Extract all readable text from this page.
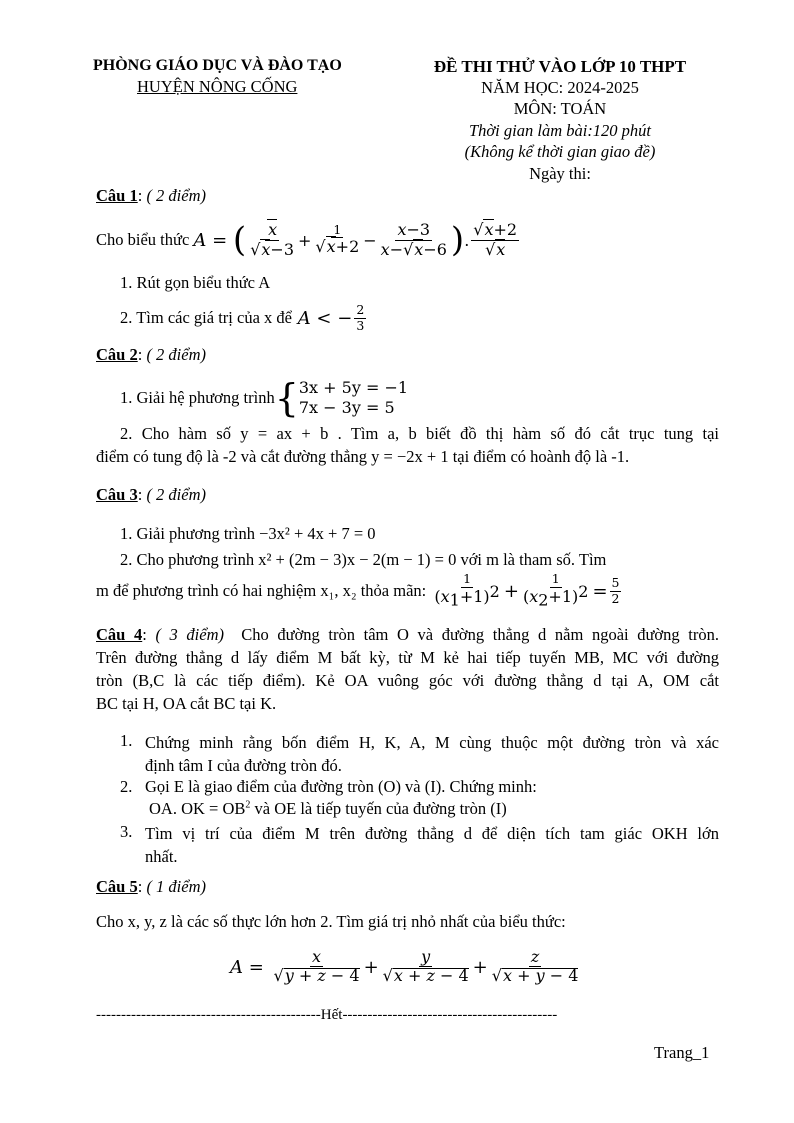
PHÒNG GIÁO DỤC VÀ ĐÀO TẠO
HUYỆN NÔNG CỐNG
ĐỀ THI THỬ VÀO LỚP 10 THPT
NĂM HỌC: 2024-2025
MÔN: TOÁN
Thời gian làm bài:120 phút
(Không kể thời gian giao đề)
Ngày thi:
Câu 1: ( 2 điểm)
Cho biểu thức
A = ( $\frac{x}{√x-3} + \frac{1}{√x+2} - \frac{x-3}{x-√x-6}$ ) . $\frac{√x+2}{√x}$
1. Rút gọn biểu thức A
2. Tìm các giá trị của x để A < − $\frac{2}{3}$
Câu 2: ( 2 điểm)
1. Giải hệ phương trình { 3x + 5y = −1
7x − 3y = 5
2. Cho hàm số y = ax + b . Tìm a, b biết đồ thị hàm số đó cắt trục tung tại
điểm có tung độ là -2 và cắt đường thẳng y = −2x + 1 tại điểm có hoành độ là -1.
Câu 3: ( 2 điểm)
1. Giải phương trình −3x² + 4x + 7 = 0
2. Cho phương trình x² + (2m − 3)x − 2(m − 1) = 0 với m là tham số. Tìm
m để phương trình có hai nghiệm x₁, x₂ thỏa mãn:
$\frac{1}{(x_1+1)^2} + \frac{1}{(x_2+1)^2} = \frac{5}{2}$
Câu 4: ( 3 điểm) Cho đường tròn tâm O và đường thẳng d nằm ngoài đường tròn.
Trên đường thẳng d lấy điểm M bất kỳ, từ M kẻ hai tiếp tuyến MB, MC với đường
tròn (B,C là các tiếp điểm). Kẻ OA vuông góc với đường thẳng d tại A, OM cắt
BC tại H, OA cắt BC tại K.
1. Chứng minh rằng bốn điểm H, K, A, M cùng thuộc một đường tròn và xác
định tâm I của đường tròn đó.
2. Gọi E là giao điểm của đường tròn (O) và (I). Chứng minh:
OA. OK = $OB^2$ và OE là tiếp tuyến của đường tròn (I)
3. Tìm vị trí của điểm M trên đường thẳng d để diện tích tam giác OKH lớn
nhất.
Câu 5: ( 1 điểm)
Cho x, y, z là các số thực lớn hơn 2. Tìm giá trị nhỏ nhất của biểu thức:
$A = \frac{x}{√y + z - 4} + \frac{y}{√x + z - 4} + \frac{z}{√x + y - 4}$
---------------------------------------------Hết-------------------------------------------
Trang_1
